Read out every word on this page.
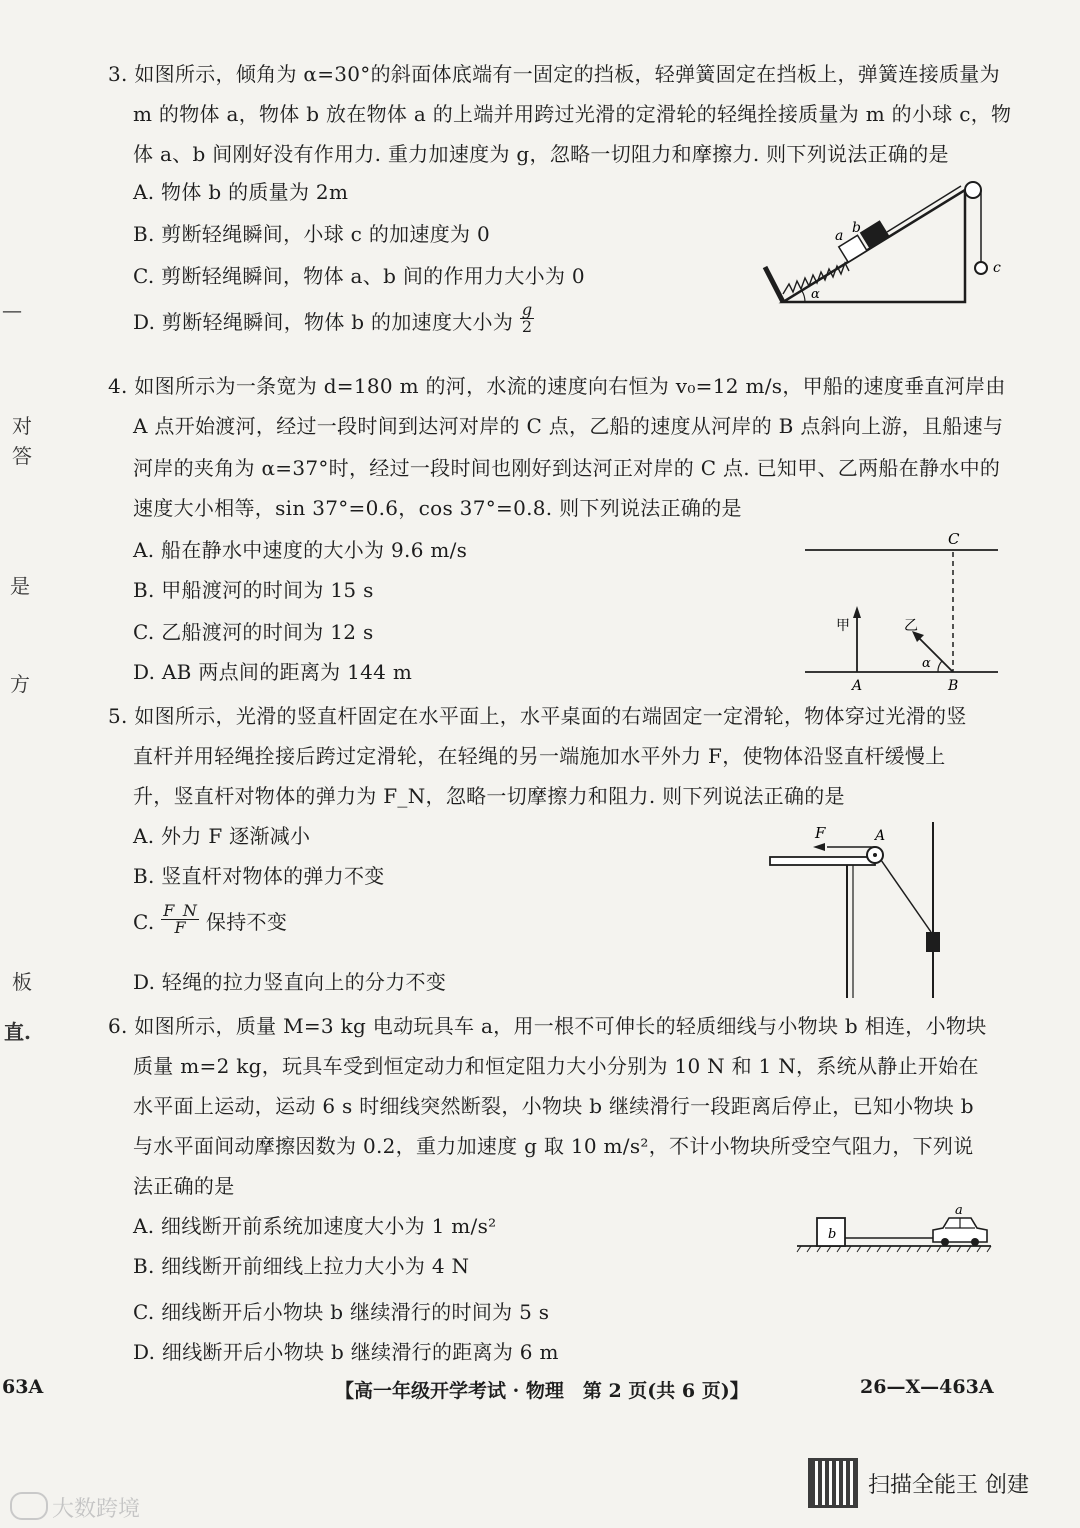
—
对
答
是
方
板
直.
3. 如图所示，倾角为 α=30°的斜面体底端有一固定的挡板，轻弹簧固定在挡板上，弹簧连接质量为
m 的物体 a，物体 b 放在物体 a 的上端并用跨过光滑的定滑轮的轻绳拴接质量为 m 的小球 c，物
体 a、b 间刚好没有作用力. 重力加速度为 g，忽略一切阻力和摩擦力. 则下列说法正确的是
A. 物体 b 的质量为 2m
B. 剪断轻绳瞬间，小球 c 的加速度为 0
C. 剪断轻绳瞬间，物体 a、b 间的作用力大小为 0
D. 剪断轻绳瞬间，物体 b 的加速度大小为 $\frac{g}{2}$
a b
c
α
4. 如图所示为一条宽为 d=180 m 的河，水流的速度向右恒为 v₀=12 m/s，甲船的速度垂直河岸由
A 点开始渡河，经过一段时间到达河对岸的 C 点，乙船的速度从河岸的 B 点斜向上游，且船速与
河岸的夹角为 α=37°时，经过一段时间也刚好到达河正对岸的 C 点. 已知甲、乙两船在静水中的
速度大小相等，sin 37°=0.6，cos 37°=0.8. 则下列说法正确的是
A. 船在静水中速度的大小为 9.6 m/s
B. 甲船渡河的时间为 15 s
C. 乙船渡河的时间为 12 s
D. AB 两点间的距离为 144 m
C
A	B
甲	乙
α
5. 如图所示，光滑的竖直杆固定在水平面上，水平桌面的右端固定一定滑轮，物体穿过光滑的竖
直杆并用轻绳拴接后跨过定滑轮，在轻绳的另一端施加水平外力 F，使物体沿竖直杆缓慢上
升，竖直杆对物体的弹力为 F_N，忽略一切摩擦力和阻力. 则下列说法正确的是
A. 外力 F 逐渐减小
B. 竖直杆对物体的弹力不变
C. $\frac{F\_N}{F}$ 保持不变
D. 轻绳的拉力竖直向上的分力不变
F	A
6. 如图所示，质量 M=3 kg 电动玩具车 a，用一根不可伸长的轻质细线与小物块 b 相连，小物块
质量 m=2 kg，玩具车受到恒定动力和恒定阻力大小分别为 10 N 和 1 N，系统从静止开始在
水平面上运动，运动 6 s 时细线突然断裂，小物块 b 继续滑行一段距离后停止，已知小物块 b
与水平面间动摩擦因数为 0.2，重力加速度 g 取 10 m/s²，不计小物块所受空气阻力，下列说
法正确的是
A. 细线断开前系统加速度大小为 1 m/s²
B. 细线断开前细线上拉力大小为 4 N
C. 细线断开后小物块 b 继续滑行的时间为 5 s
D. 细线断开后小物块 b 继续滑行的距离为 6 m
b
a
63A	【高一年级开学考试 · 物理　第 2 页(共 6 页)】	26—X—463A
扫描全能王 创建
大数跨境
